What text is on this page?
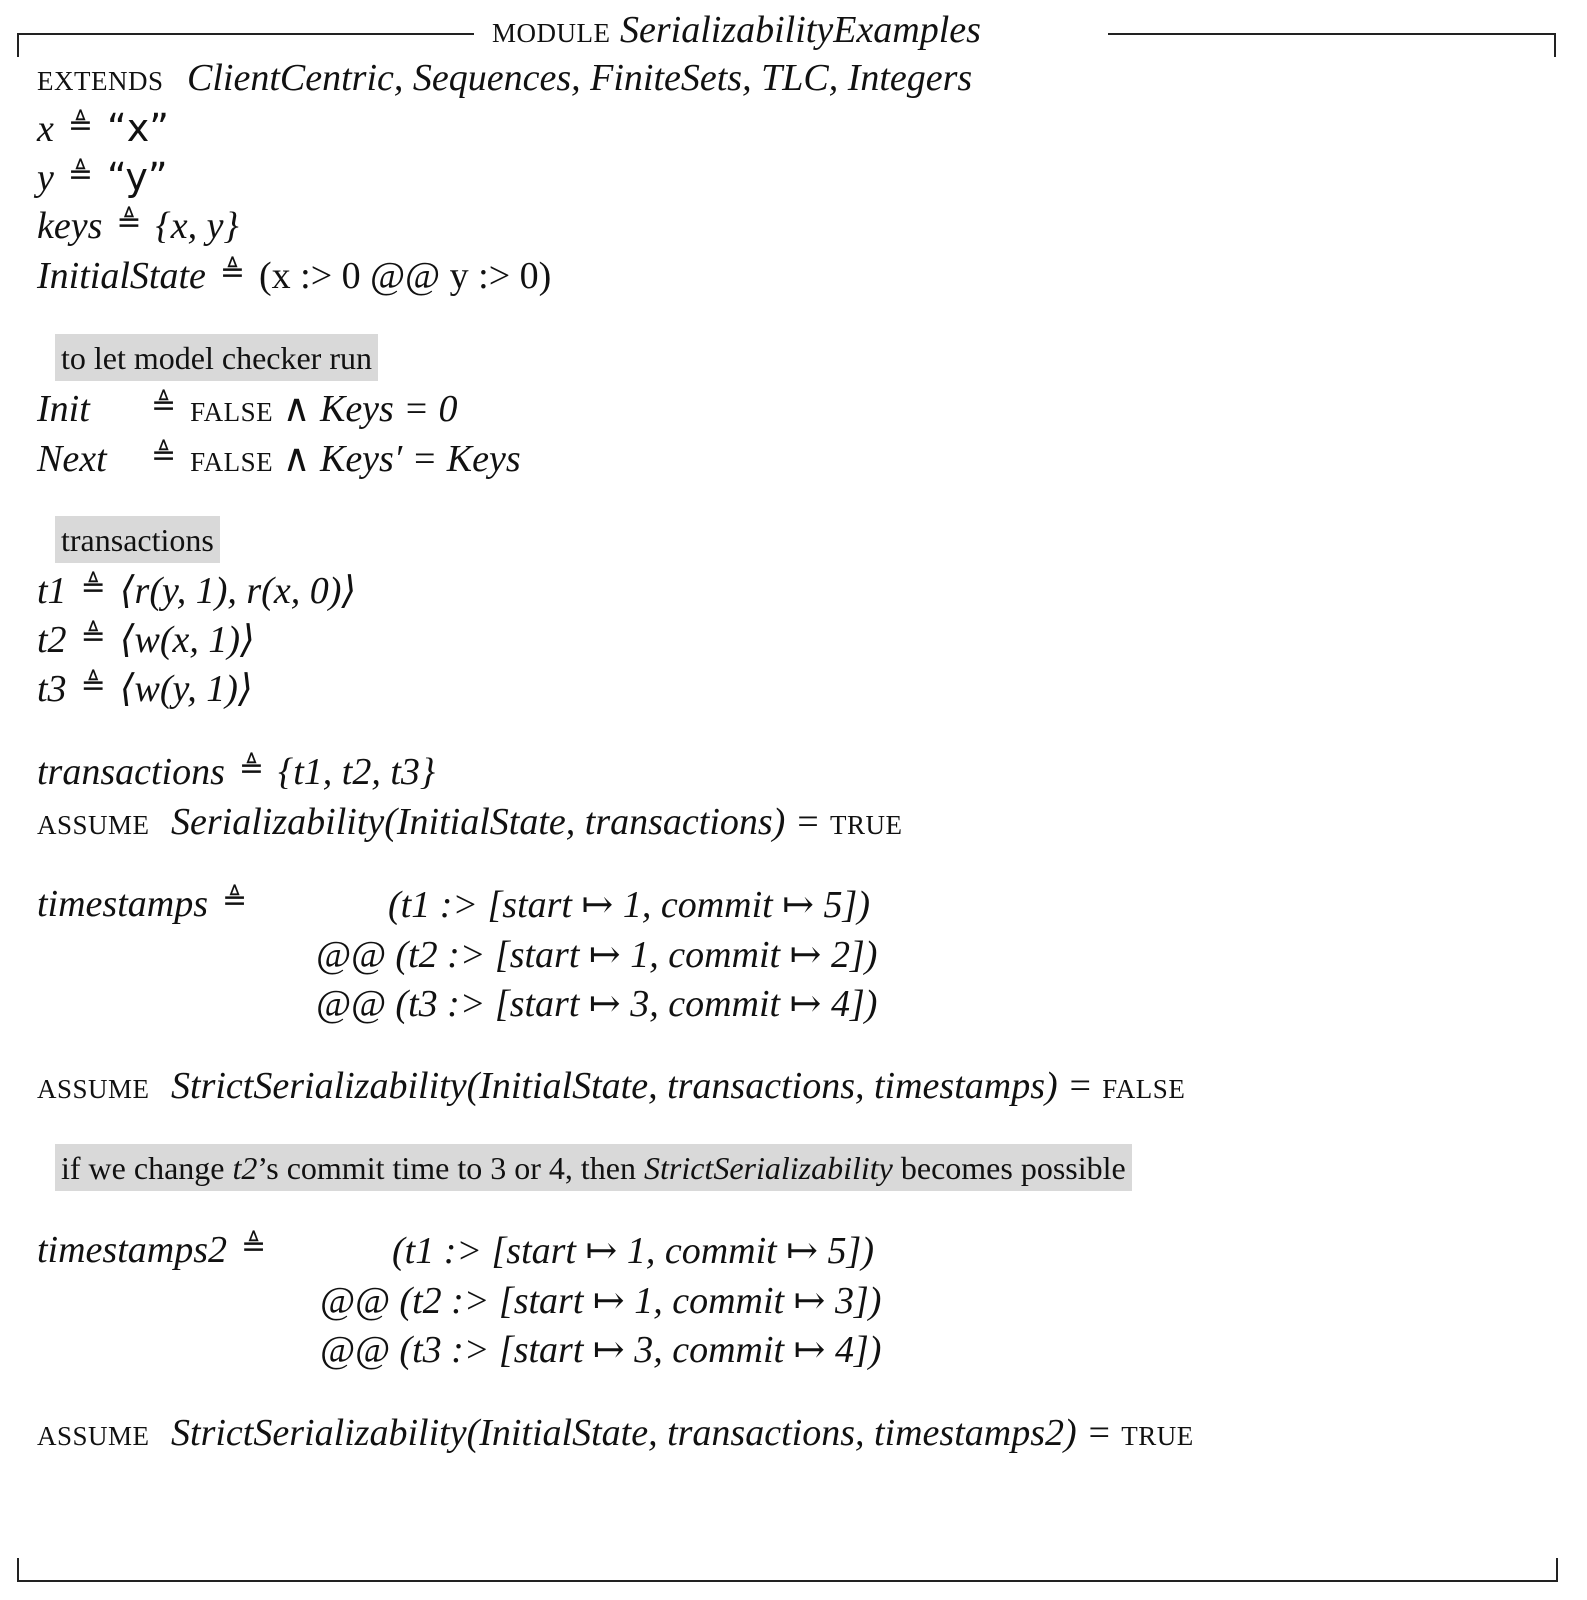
module SerializabilityExamples
extends ClientCentric, Sequences, FiniteSets, TLC, Integers
x ≜ “x”
y ≜ “y”
keys ≜ {x, y}
InitialState ≜ (x :> 0 @@ y :> 0)
to let model checker run
Init ≜ false ∧ Keys = 0
Next ≜ false ∧ Keys′ = Keys
transactions
t1 ≜ ⟨r(y, 1), r(x, 0)⟩
t2 ≜ ⟨w(x, 1)⟩
t3 ≜ ⟨w(y, 1)⟩
transactions ≜ {t1, t2, t3}
assume Serializability(InitialState, transactions) = true
timestamps ≜	(t1 :> [start ↦ 1, commit ↦ 5])
@@ (t2 :> [start ↦ 1, commit ↦ 2])
@@ (t3 :> [start ↦ 3, commit ↦ 4])
assume StrictSerializability(InitialState, transactions, timestamps) = false
if we change t2’s commit time to 3 or 4, then StrictSerializability becomes possible
timestamps2 ≜	(t1 :> [start ↦ 1, commit ↦ 5])
@@ (t2 :> [start ↦ 1, commit ↦ 3])
@@ (t3 :> [start ↦ 3, commit ↦ 4])
assume StrictSerializability(InitialState, transactions, timestamps2) = true
